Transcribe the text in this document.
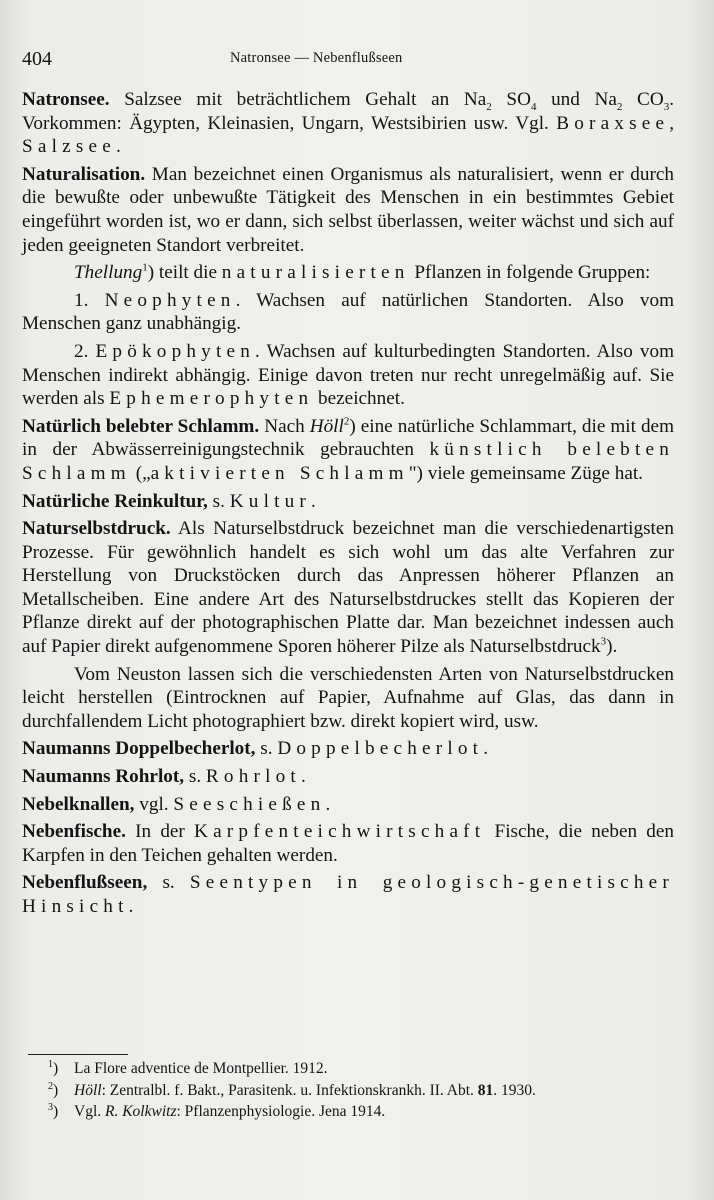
404	Natronsee — Nebenflußseen

Natronsee. Salzsee mit beträchtlichem Gehalt an $Na_2$ $SO_4$ und $Na_2$ $CO_3$. Vorkommen: Ägypten, Kleinasien, Ungarn, Westsibirien usw. Vgl. Boraxsee, Salzsee.

Naturalisation. Man bezeichnet einen Organismus als naturalisiert, wenn er durch die bewußte oder unbewußte Tätigkeit des Menschen in ein bestimmtes Gebiet eingeführt worden ist, wo er dann, sich selbst überlassen, weiter wächst und sich auf jeden geeigneten Standort verbreitet.

Thellung$^1$) teilt die naturalisierten Pflanzen in folgende Gruppen:

1. Neophyten. Wachsen auf natürlichen Standorten. Also vom Menschen ganz unabhängig.

2. Epökophyten. Wachsen auf kulturbedingten Standorten. Also vom Menschen indirekt abhängig. Einige davon treten nur recht unregelmäßig auf. Sie werden als Ephemerophyten bezeichnet.

Natürlich belebter Schlamm. Nach Höll$^2$) eine natürliche Schlammart, die mit dem in der Abwässerreinigungstechnik gebrauchten künstlich belebten Schlamm („aktivierten Schlamm") viele gemeinsame Züge hat.

Natürliche Reinkultur, s. Kultur.

Naturselbstdruck. Als Naturselbstdruck bezeichnet man die verschiedenartigsten Prozesse. Für gewöhnlich handelt es sich wohl um das alte Verfahren zur Herstellung von Druckstöcken durch das Anpressen höherer Pflanzen an Metallscheiben. Eine andere Art des Naturselbstdruckes stellt das Kopieren der Pflanze direkt auf der photographischen Platte dar. Man bezeichnet indessen auch auf Papier direkt aufgenommene Sporen höherer Pilze als Naturselbstdruck$^3$).

Vom Neuston lassen sich die verschiedensten Arten von Naturselbstdrucken leicht herstellen (Eintrocknen auf Papier, Aufnahme auf Glas, das dann in durchfallendem Licht photographiert bzw. direkt kopiert wird, usw.

Naumanns Doppelbecherlot, s. Doppelbecherlot.

Naumanns Rohrlot, s. Rohrlot.

Nebelknallen, vgl. Seeschießen.

Nebenfische. In der Karpfenteichwirtschaft Fische, die neben den Karpfen in den Teichen gehalten werden.

Nebenflußseen, s. Seentypen in geologisch-genetischer Hinsicht.

$^1$) La Flore adventice de Montpellier. 1912.
$^2$) Höll: Zentralbl. f. Bakt., Parasitenk. u. Infektionskrankh. II. Abt. 81. 1930.
$^3$) Vgl. R. Kolkwitz: Pflanzenphysiologie. Jena 1914.
